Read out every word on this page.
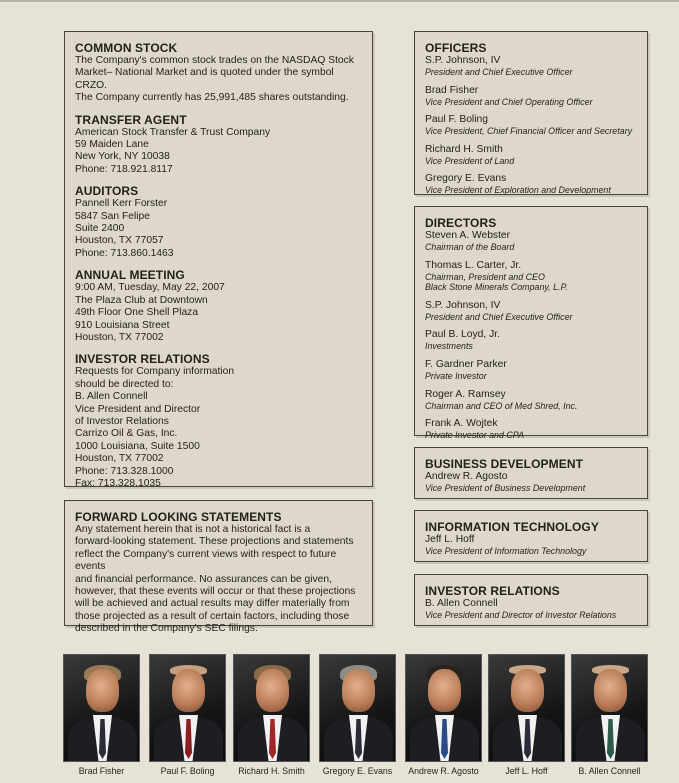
COMMON STOCK
The Company's common stock trades on the NASDAQ Stock
Market– National Market and is quoted under the symbol CRZO.
The Company currently has 25,991,485 shares outstanding.
TRANSFER AGENT
American Stock Transfer & Trust Company
59 Maiden Lane
New York, NY 10038
Phone: 718.921.8117
AUDITORS
Pannell Kerr Forster
5847 San Felipe
Suite 2400
Houston, TX 77057
Phone: 713.860.1463
ANNUAL MEETING
9:00 AM, Tuesday, May 22, 2007
The Plaza Club at Downtown
49th Floor One Shell Plaza
910 Louisiana Street
Houston, TX 77002
INVESTOR RELATIONS
Requests for Company information
should be directed to:
B. Allen Connell
Vice President and Director
of Investor Relations
Carrizo Oil & Gas, Inc.
1000 Louisiana, Suite 1500
Houston, TX 77002
Phone: 713.328.1000
Fax: 713.328.1035
FORWARD LOOKING STATEMENTS
Any statement herein that is not a historical fact is a
forward-looking statement. These projections and statements
reflect the Company's current views with respect to future events
and financial performance. No assurances can be given,
however, that these events will occur or that these projections
will be achieved and actual results may differ materially from
those projected as a result of certain factors, including those
described in the Company's SEC filings.
OFFICERS
S.P. Johnson, IV
President and Chief Executive Officer
Brad Fisher
Vice President and Chief Operating Officer
Paul F. Boling
Vice President, Chief Financial Officer and Secretary
Richard H. Smith
Vice President of Land
Gregory E. Evans
Vice President of Exploration and Development
DIRECTORS
Steven A. Webster
Chairman of the Board
Thomas L. Carter, Jr.
Chairman, President and CEO
Black Stone Minerals Company, L.P.
S.P. Johnson, IV
President and Chief Executive Officer
Paul B. Loyd, Jr.
Investments
F. Gardner Parker
Private Investor
Roger A. Ramsey
Chairman and CEO of Med Shred, Inc.
Frank A. Wojtek
Private Investor and CPA
BUSINESS DEVELOPMENT
Andrew R. Agosto
Vice President of Business Development
INFORMATION TECHNOLOGY
Jeff L. Hoff
Vice President of Information Technology
INVESTOR RELATIONS
B. Allen Connell
Vice President and Director of Investor Relations
Brad Fisher	Paul F. Boling	Richard H. Smith	Gregory E. Evans	Andrew R. Agosto	Jeff L. Hoff	B. Allen Connell
